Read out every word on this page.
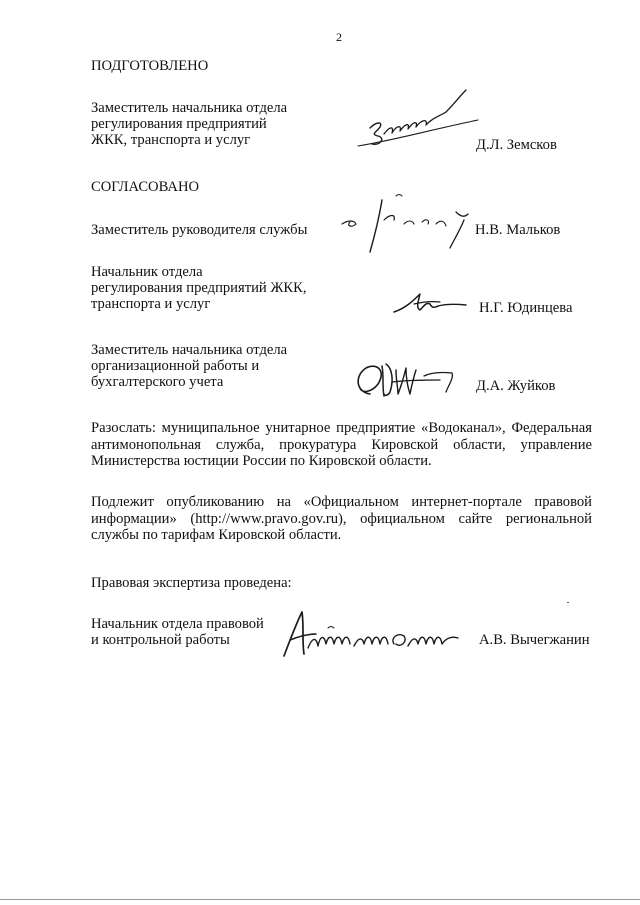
2
ПОДГОТОВЛЕНО
Заместитель начальника отдела
регулирования предприятий
ЖКК, транспорта и услуг	Д.Л. Земсков
СОГЛАСОВАНО
Заместитель руководителя службы	Н.В. Мальков
Начальник отдела
регулирования предприятий ЖКК,
транспорта и услуг	Н.Г. Юдинцева
Заместитель начальника отдела
организационной работы и
бухгалтерского учета	Д.А. Жуйков
Разослать: муниципальное унитарное предприятие «Водоканал», Федеральная антимонопольная служба, прокуратура Кировской области, управление Министерства юстиции России по Кировской области.
Подлежит опубликованию на «Официальном интернет-портале правовой информации» (http://www.pravo.gov.ru), официальном сайте региональной службы по тарифам Кировской области.
Правовая экспертиза проведена:
Начальник отдела правовой
и контрольной работы	А.В. Вычегжанин
